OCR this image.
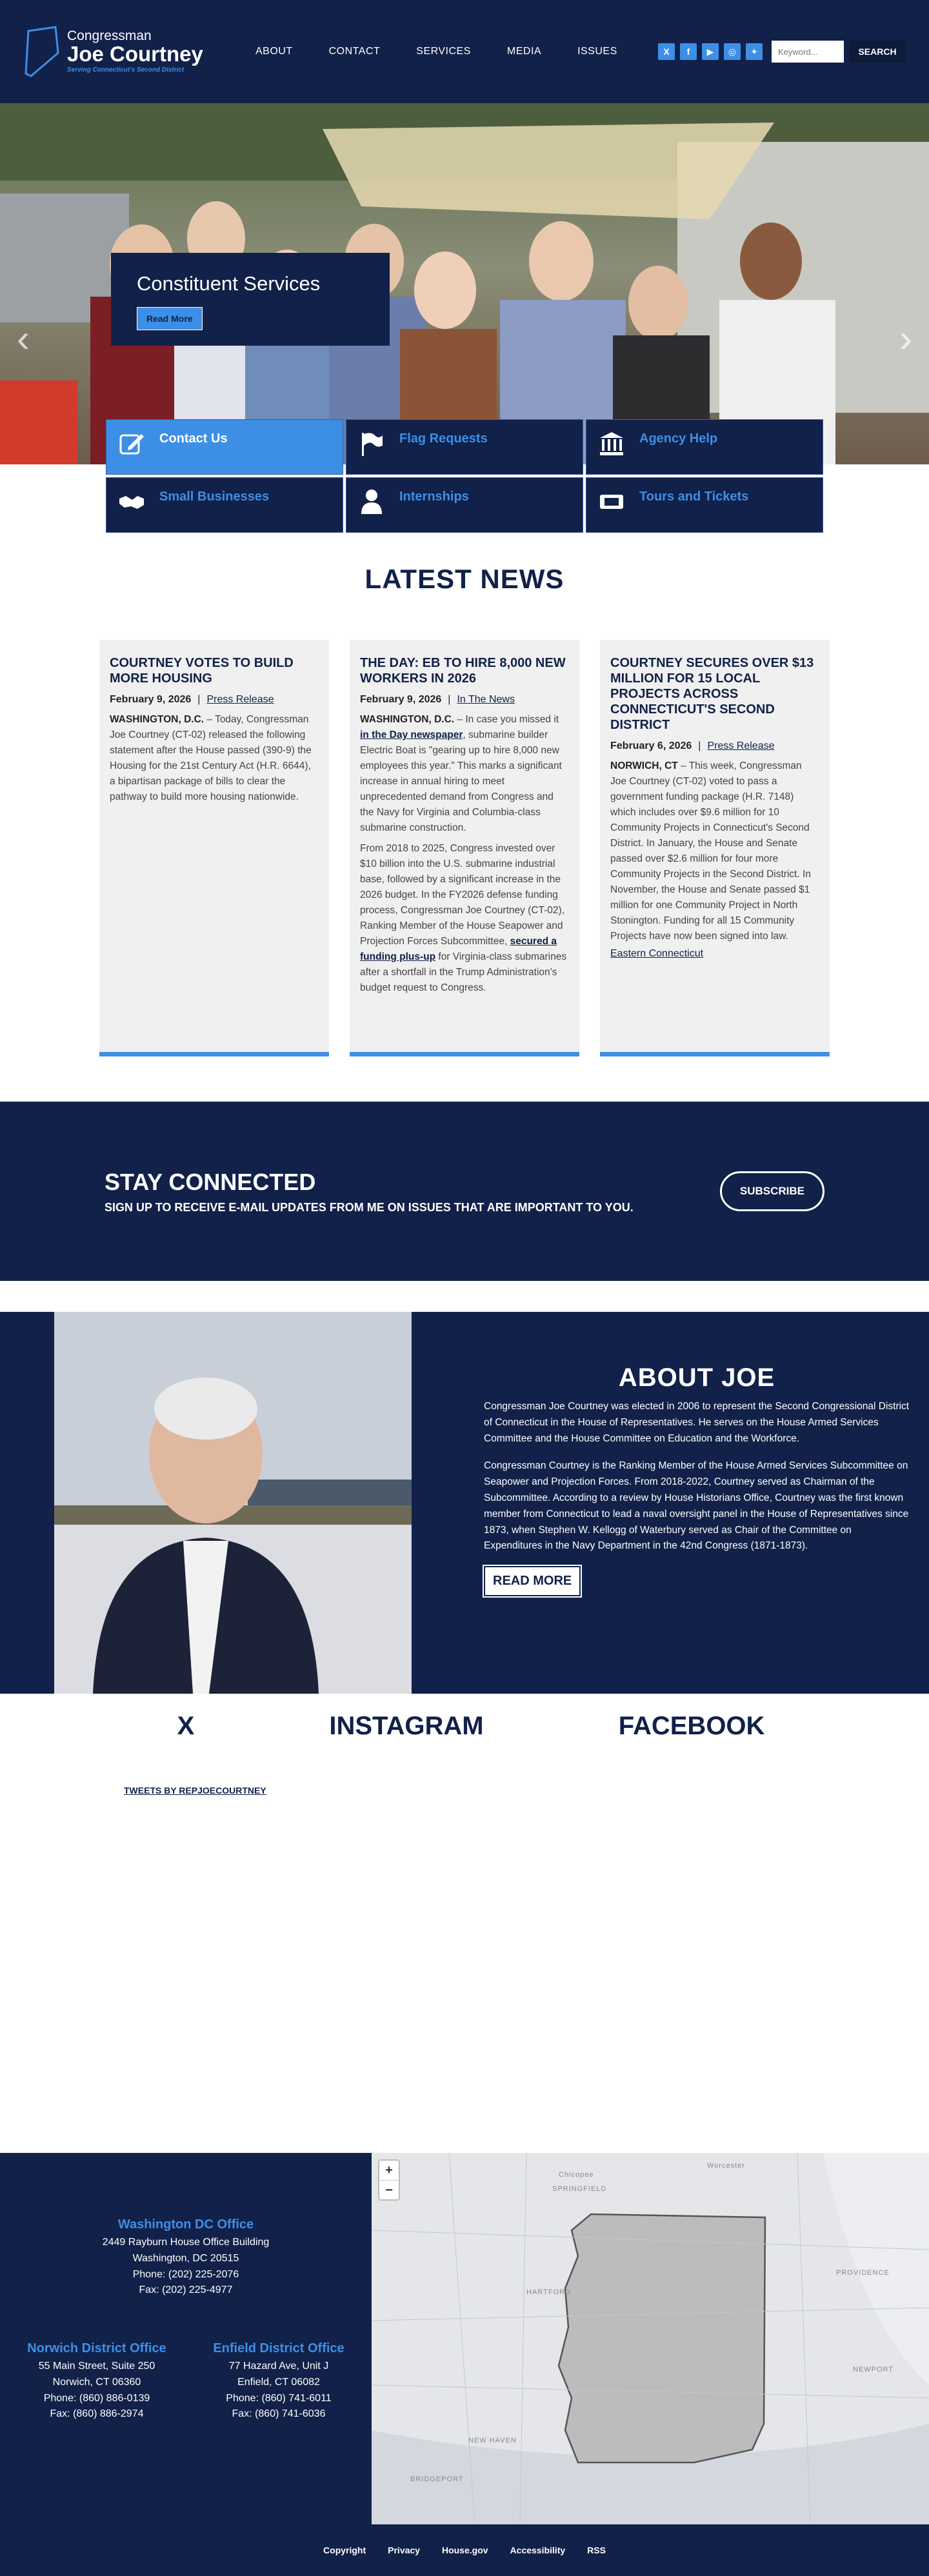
Congressman
Joe Courtney
Serving Connecticut's Second District
ABOUT	CONTACT	SERVICES	MEDIA	ISSUES	X	f	▶	◎	✦
Keyword...	SEARCH
‹	›
Constituent Services
Read More
Contact Us	Flag Requests	Agency Help
Small Businesses	Internships	Tours and Tickets
LATEST NEWS
COURTNEY VOTES TO BUILD MORE HOUSING
February 9, 2026 | Press Release

WASHINGTON, D.C. – Today, Congressman Joe Courtney (CT-02) released the following statement after the House passed (390-9) the Housing for the 21st Century Act (H.R. 6644), a bipartisan package of bills to clear the pathway to build more housing nationwide.

THE DAY: EB TO HIRE 8,000 NEW WORKERS IN 2026
February 9, 2026 | In The News

WASHINGTON, D.C. – In case you missed it in the Day newspaper, submarine builder Electric Boat is "gearing up to hire 8,000 new employees this year." This marks a significant increase in annual hiring to meet unprecedented demand from Congress and the Navy for Virginia and Columbia-class submarine construction.

From 2018 to 2025, Congress invested over $10 billion into the U.S. submarine industrial base, followed by a significant increase in the 2026 budget. In the FY2026 defense funding process, Congressman Joe Courtney (CT-02), Ranking Member of the House Seapower and Projection Forces Subcommittee, secured a funding plus-up for Virginia-class submarines after a shortfall in the Trump Administration's budget request to Congress.

COURTNEY SECURES OVER $13 MILLION FOR 15 LOCAL PROJECTS ACROSS CONNECTICUT'S SECOND DISTRICT
February 6, 2026 | Press Release

NORWICH, CT – This week, Congressman Joe Courtney (CT-02) voted to pass a government funding package (H.R. 7148) which includes over $9.6 million for 10 Community Projects in Connecticut's Second District. In January, the House and Senate passed over $2.6 million for four more Community Projects in the Second District. In November, the House and Senate passed $1 million for one Community Project in North Stonington. Funding for all 15 Community Projects have now been signed into law.

Eastern Connecticut
STAY CONNECTED

SIGN UP TO RECEIVE E-MAIL UPDATES FROM ME ON ISSUES THAT ARE IMPORTANT TO YOU.

SUBSCRIBE
ABOUT JOE

Congressman Joe Courtney was elected in 2006 to represent the Second Congressional District of Connecticut in the House of Representatives. He serves on the House Armed Services Committee and the House Committee on Education and the Workforce.

Congressman Courtney is the Ranking Member of the House Armed Services Subcommittee on Seapower and Projection Forces. From 2018-2022, Courtney served as Chairman of the Subcommittee. According to a review by House Historians Office, Courtney was the first known member from Connecticut to lead a naval oversight panel in the House of Representatives since 1873, when Stephen W. Kellogg of Waterbury served as Chair of the Committee on Expenditures in the Navy Department in the 42nd Congress (1871-1873).

READ MORE
X	INSTAGRAM	FACEBOOK
TWEETS BY REPJOECOURTNEY
Washington DC Office
2449 Rayburn House Office Building
Washington, DC 20515
Phone: (202) 225-2076
Fax: (202) 225-4977
Norwich District Office
55 Main Street, Suite 250
Norwich, CT 06360
Phone: (860) 886-0139
Fax: (860) 886-2974
Enfield District Office
77 Hazard Ave, Unit J
Enfield, CT 06082
Phone: (860) 741-6011
Fax: (860) 741-6036
SPRINGFIELD
HARTFORD
NEW HAVEN
BRIDGEPORT
PROVIDENCE
NEWPORT
Chicopee
Worcester
+
−
Copyright Privacy House.gov Accessibility RSS
